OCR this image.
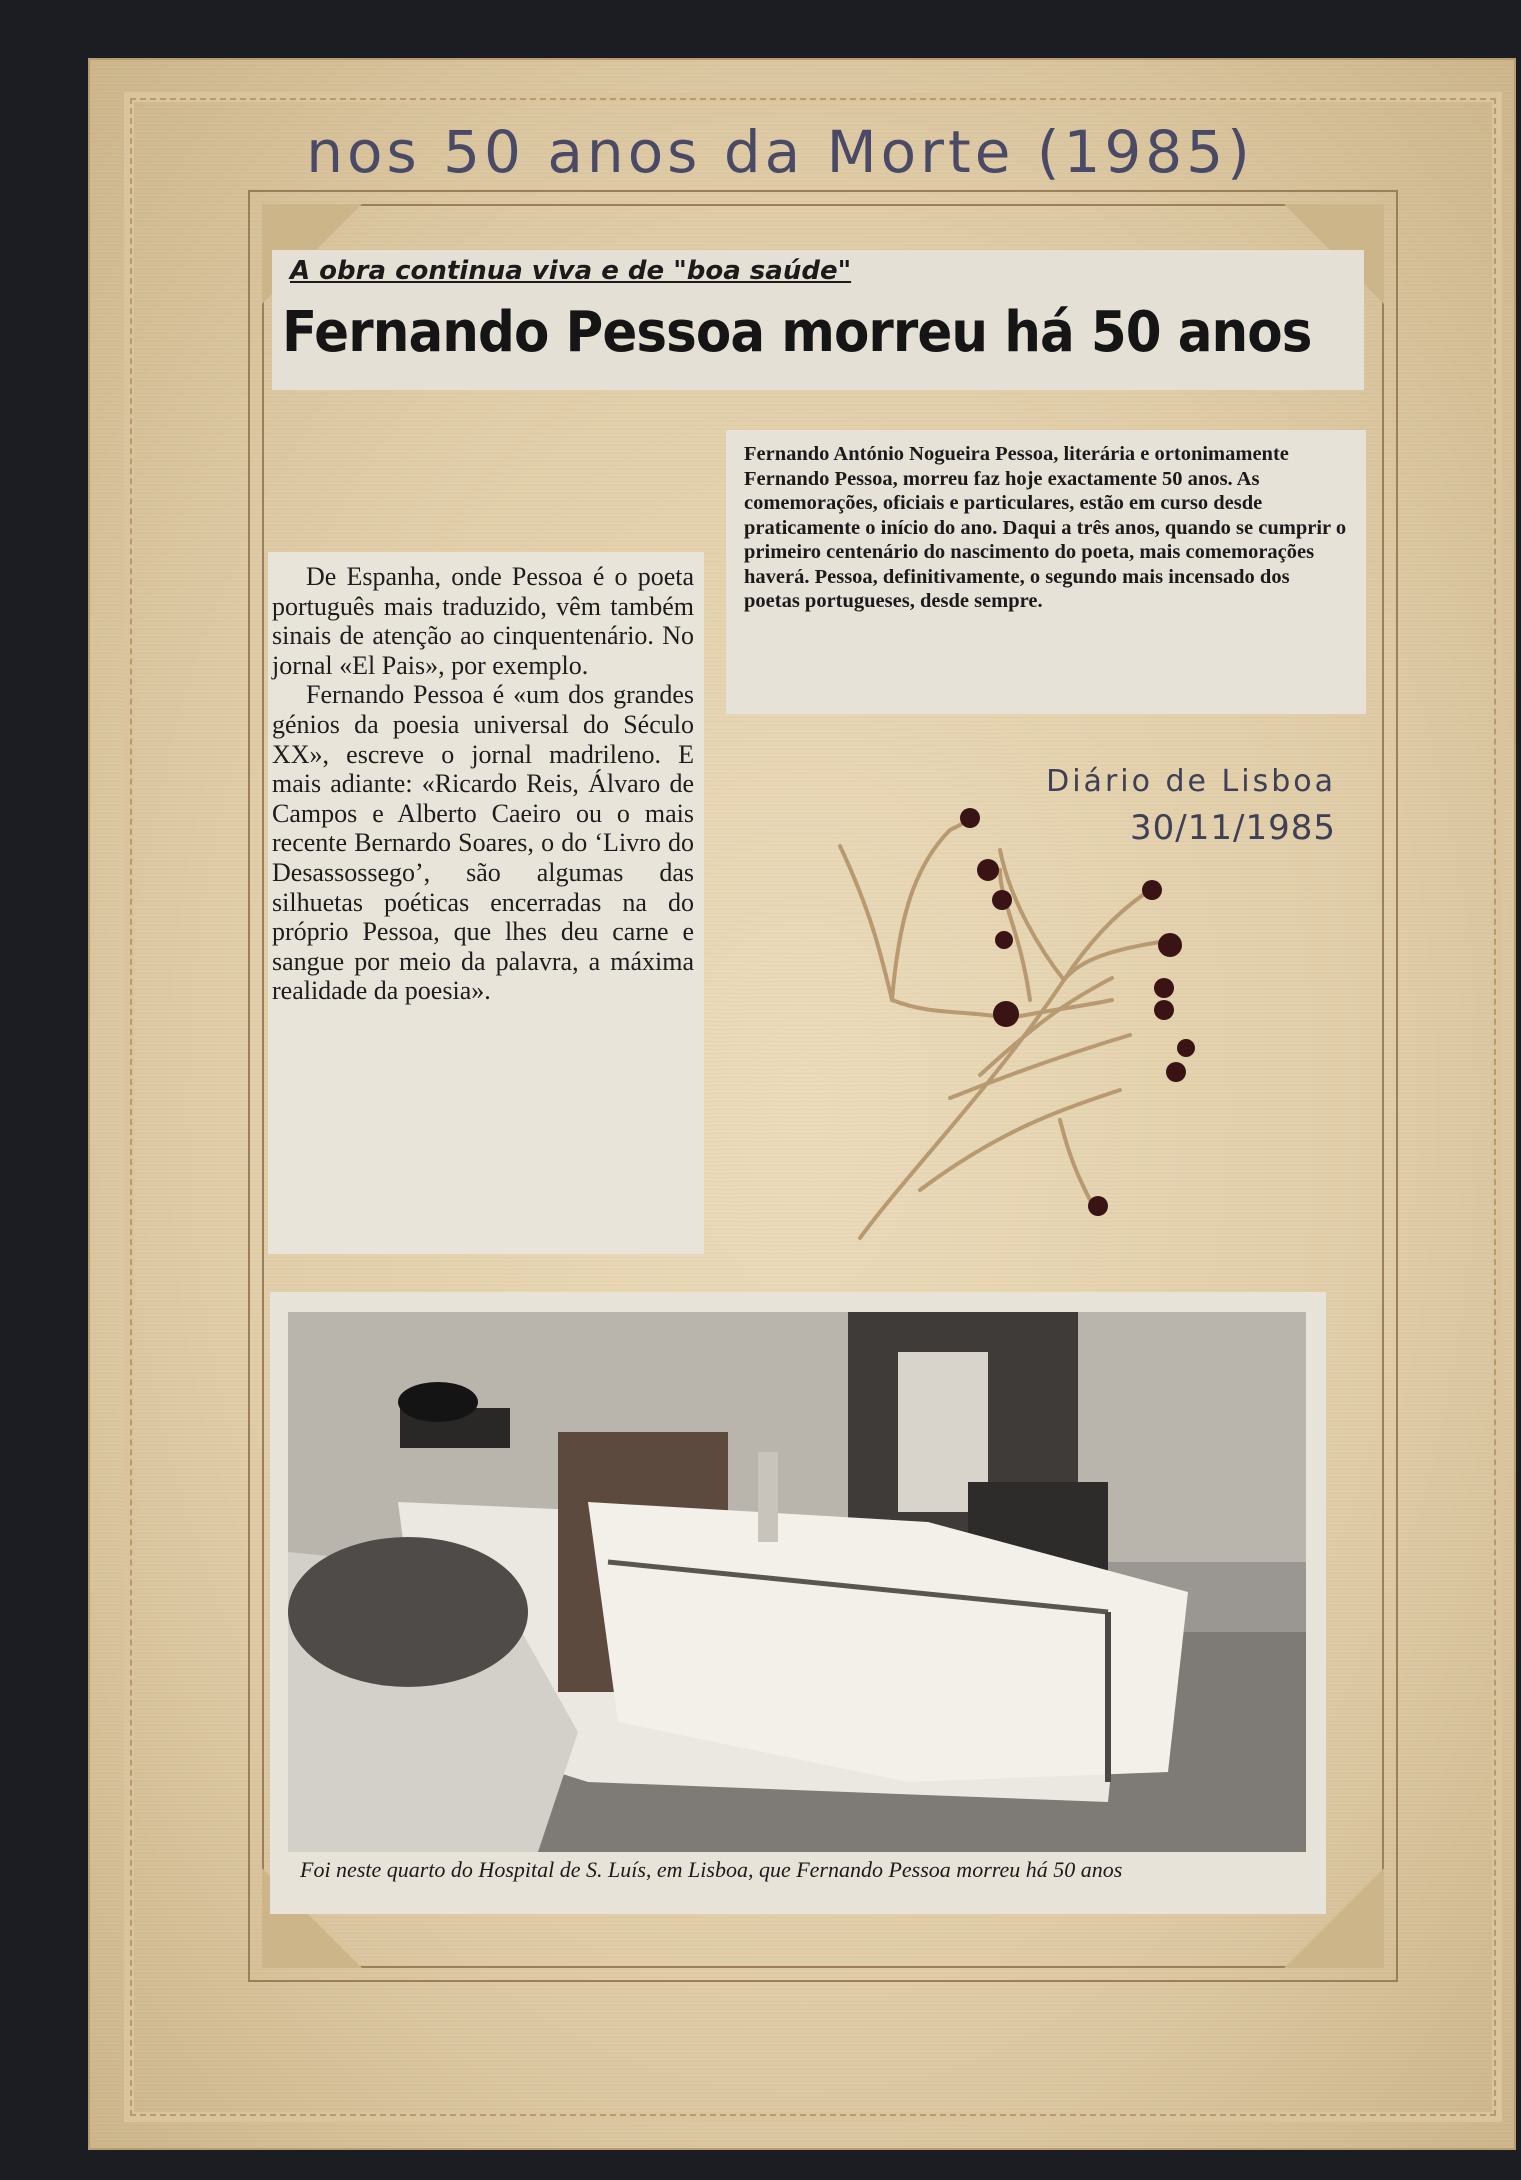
nos 50 anos da Morte (1985)
A obra continua viva e de "boa saúde"
Fernando Pessoa morreu há 50 anos
Fernando António Nogueira Pessoa, literária e ortonimamente Fernando Pessoa, morreu faz hoje exactamente 50 anos. As comemorações, oficiais e particulares, estão em curso desde praticamente o início do ano. Daqui a três anos, quando se cumprir o primeiro centenário do nascimento do poeta, mais comemorações haverá. Pessoa, definitivamente, o segundo mais incensado dos poetas portugueses, desde sempre.

De Espanha, onde Pessoa é o poeta português mais traduzido, vêm também sinais de atenção ao cinquentenário. No jornal «El Pais», por exemplo.

Fernando Pessoa é «um dos grandes génios da poesia universal do Século XX», escreve o jornal madrileno. E mais adiante: «Ricardo Reis, Álvaro de Campos e Alberto Caeiro ou o mais recente Bernardo Soares, o do ‘Livro do Desassossego’, são algumas das silhuetas poéticas encerradas na do próprio Pessoa, que lhes deu carne e sangue por meio da palavra, a máxima realidade da poesia».

Diário de Lisboa
30/11/1985
Foi neste quarto do Hospital de S. Luís, em Lisboa, que Fernando Pessoa morreu há 50 anos
